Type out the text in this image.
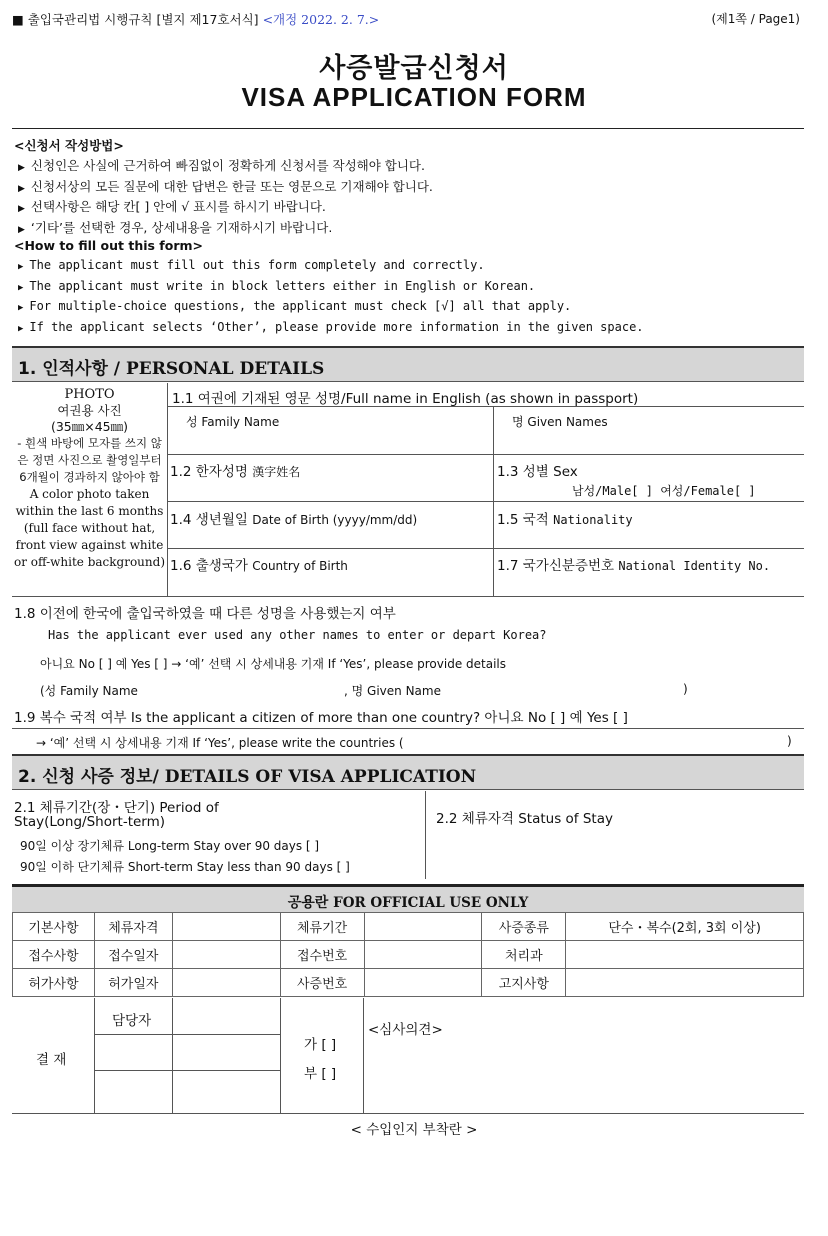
■ 출입국관리법 시행규칙 [별지 제17호서식] <개정 2022. 2. 7.>	(제1쪽 / Page1)
사증발급신청서
VISA APPLICATION FORM
<신청서 작성방법>
▶ 신청인은 사실에 근거하여 빠짐없이 정확하게 신청서를 작성해야 합니다.
▶ 신청서상의 모든 질문에 대한 답변은 한글 또는 영문으로 기재해야 합니다.
▶ 선택사항은 해당 칸[ ] 안에 √ 표시를 하시기 바랍니다.
▶ ‘기타’를 선택한 경우, 상세내용을 기재하시기 바랍니다.
<How to fill out this form>
▶ The applicant must fill out this form completely and correctly.
▶ The applicant must write in block letters either in English or Korean.
▶ For multiple-choice questions, the applicant must check [√] all that apply.
▶ If the applicant selects ‘Other’, please provide more information in the given space.
1. 인적사항 / PERSONAL DETAILS
PHOTO
여권용 사진
(35㎜×45㎜)
- 흰색 바탕에 모자를 쓰지 않은 정면 사진으로 촬영일부터 6개월이 경과하지 않아야 함
A color photo taken within the last 6 months (full face without hat, front view against white or off-white background)
1.1 여권에 기재된 영문 성명/Full name in English (as shown in passport)
성 Family Name	명 Given Names
1.2 한자성명 漢字姓名	1.3 성별 Sex
남성/Male[ ] 여성/Female[ ]
1.4 생년월일 Date of Birth (yyyy/mm/dd)	1.5 국적 Nationality
1.6 출생국가 Country of Birth	1.7 국가신분증번호 National Identity No.
1.8 이전에 한국에 출입국하였을 때 다른 성명을 사용했는지 여부
Has the applicant ever used any other names to enter or depart Korea?
아니요 No [ ] 예 Yes [ ] → ‘예’ 선택 시 상세내용 기재 If ‘Yes’, please provide details
(성 Family Name	, 명 Given Name	)
1.9 복수 국적 여부 Is the applicant a citizen of more than one country? 아니요 No [ ] 예 Yes [ ]
→ ‘예’ 선택 시 상세내용 기재 If ‘Yes’, please write the countries (	)
2. 신청 사증 정보/ DETAILS OF VISA APPLICATION
2.1 체류기간(장・단기) Period of
Stay(Long/Short-term)
90일 이상 장기체류 Long-term Stay over 90 days [ ]
90일 이하 단기체류 Short-term Stay less than 90 days [ ]
2.2 체류자격 Status of Stay
공용란 FOR OFFICIAL USE ONLY
기본사항	체류자격		체류기간		사증종류	단수・복수(2회, 3회 이상)
접수사항	접수일자		접수번호		처리과	
허가사항	허가일자		사증번호		고지사항	
결 재
담당자
가 [ ]
부 [ ]
<심사의견>
< 수입인지 부착란 >
